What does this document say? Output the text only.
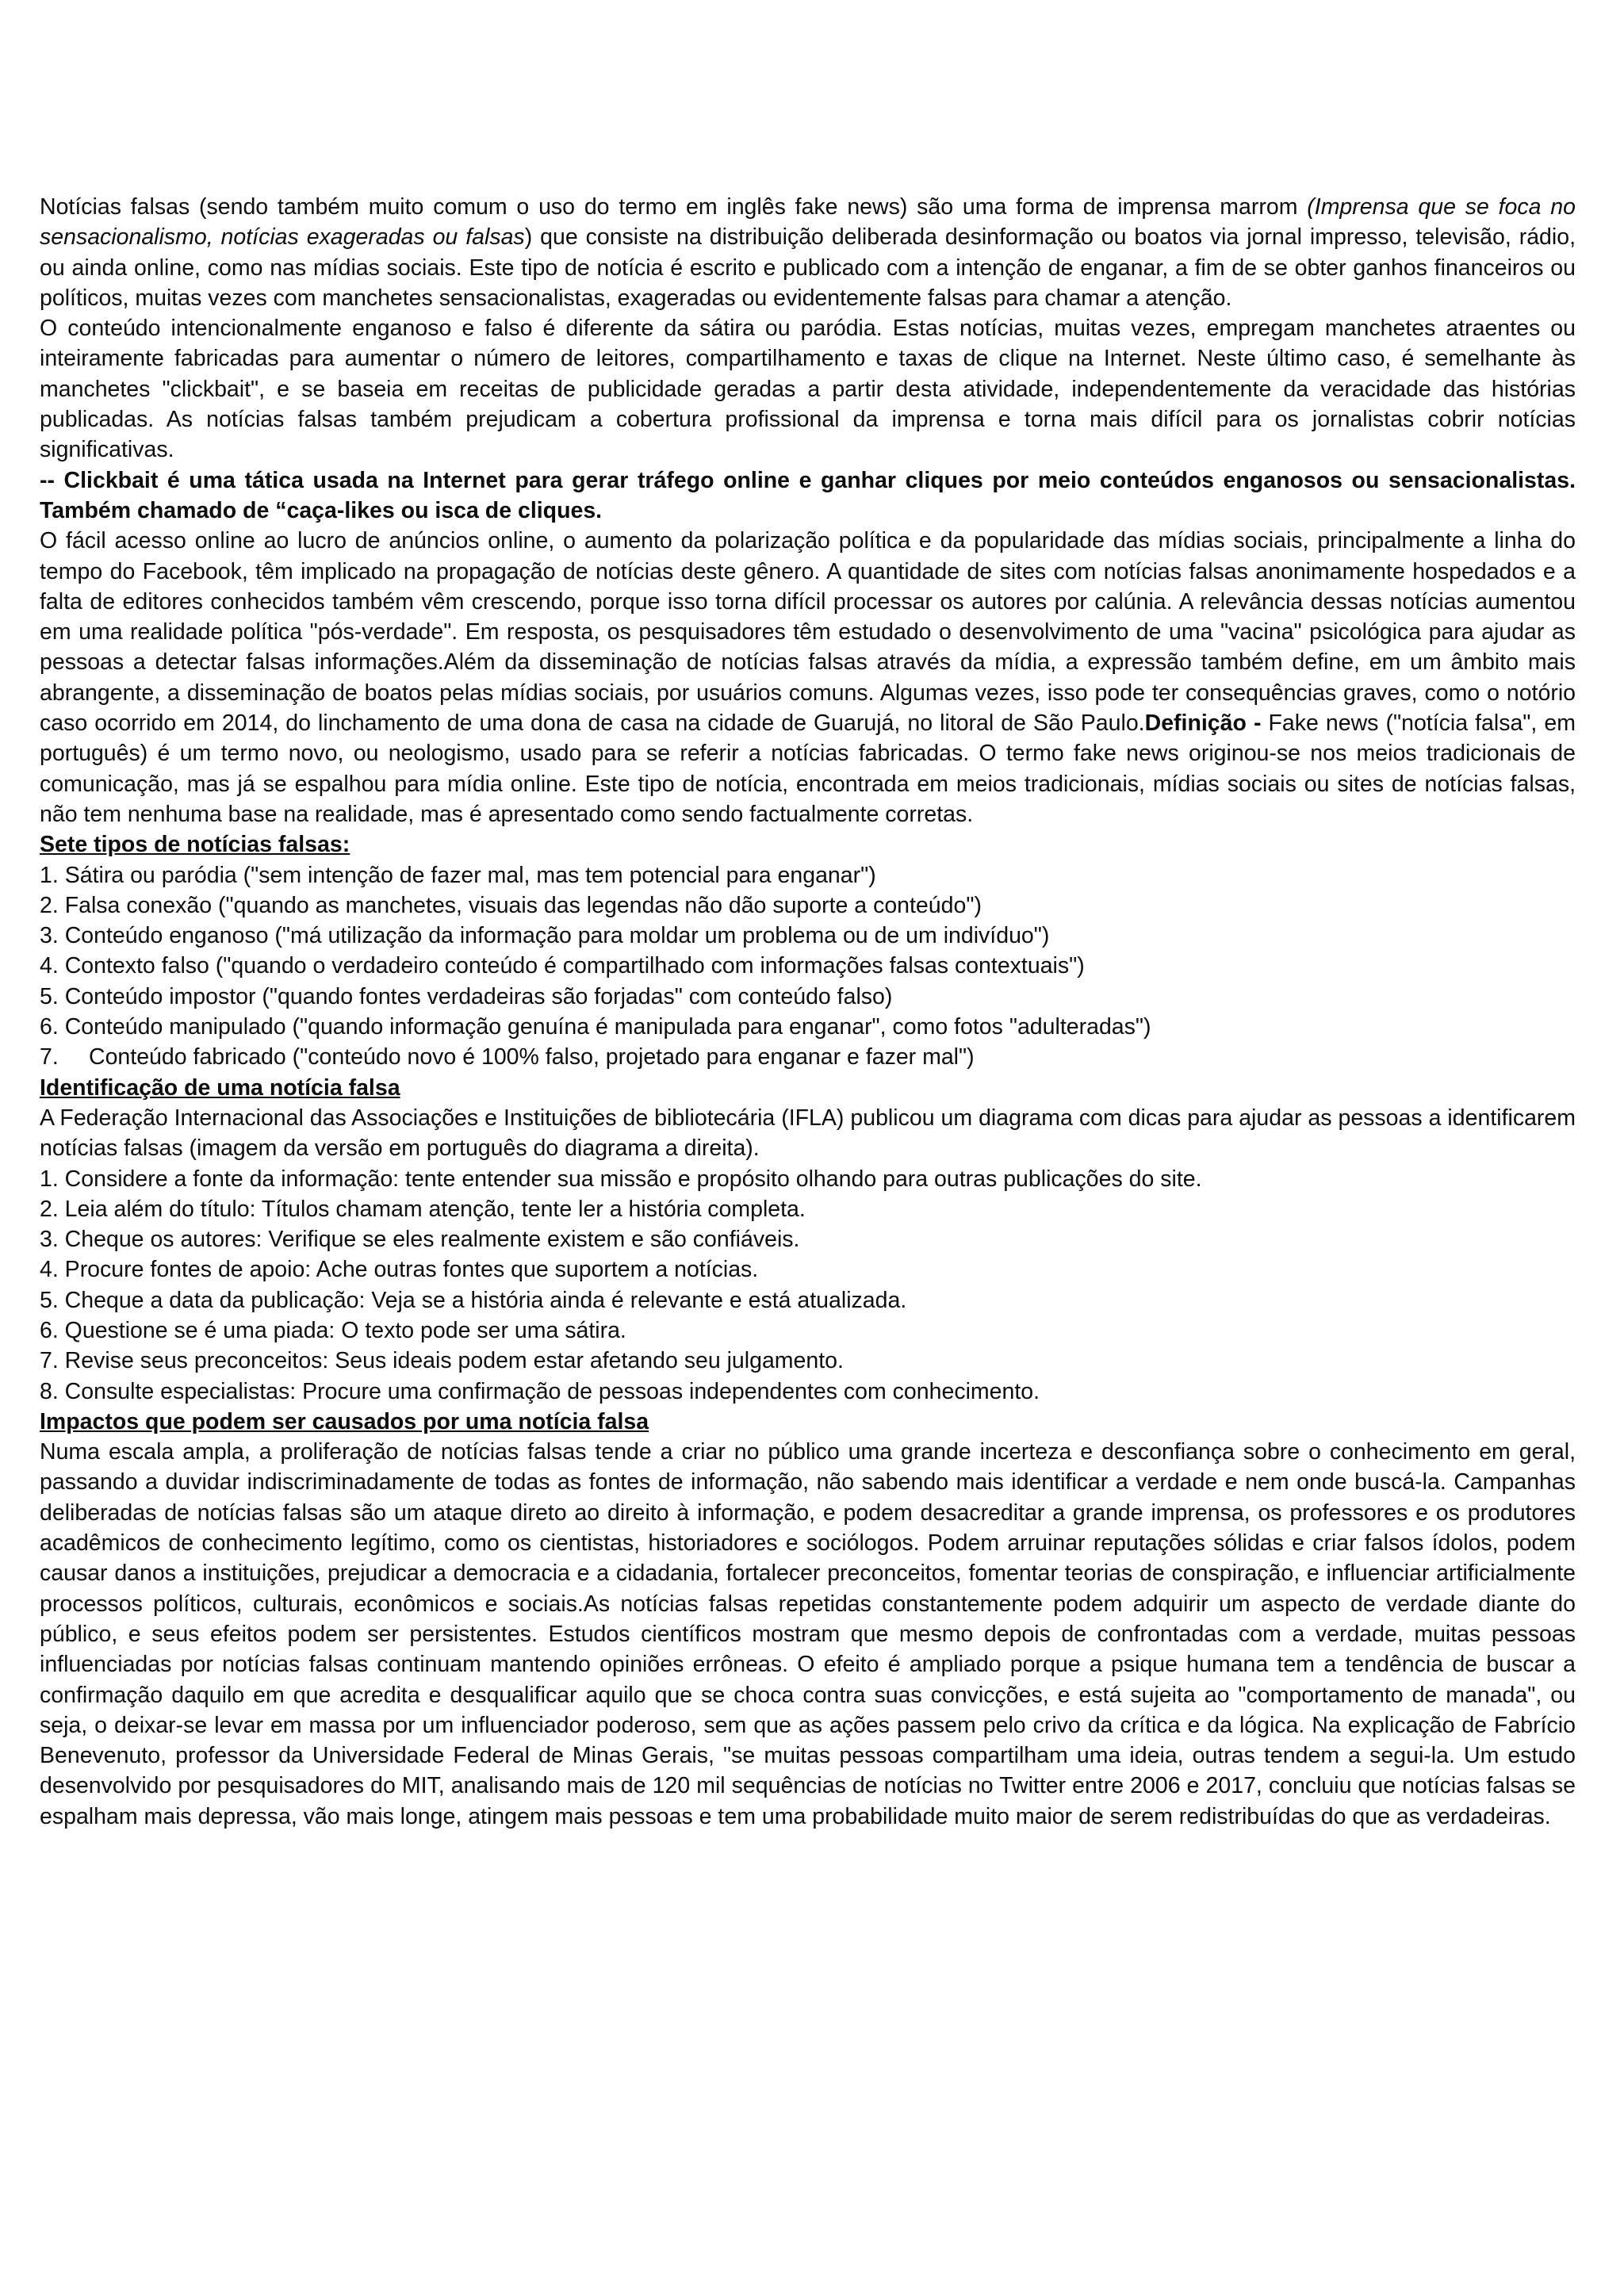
Notícias falsas (sendo também muito comum o uso do termo em inglês fake news) são uma forma de imprensa marrom (Imprensa que se foca no sensacionalismo, notícias exageradas ou falsas) que consiste na distribuição deliberada desinformação ou boatos via jornal impresso, televisão, rádio, ou ainda online, como nas mídias sociais. Este tipo de notícia é escrito e publicado com a intenção de enganar, a fim de se obter ganhos financeiros ou políticos, muitas vezes com manchetes sensacionalistas, exageradas ou evidentemente falsas para chamar a atenção.

O conteúdo intencionalmente enganoso e falso é diferente da sátira ou paródia. Estas notícias, muitas vezes, empregam manchetes atraentes ou inteiramente fabricadas para aumentar o número de leitores, compartilhamento e taxas de clique na Internet. Neste último caso, é semelhante às manchetes "clickbait", e se baseia em receitas de publicidade geradas a partir desta atividade, independentemente da veracidade das histórias publicadas. As notícias falsas também prejudicam a cobertura profissional da imprensa e torna mais difícil para os jornalistas cobrir notícias significativas.

-- Clickbait é uma tática usada na Internet para gerar tráfego online e ganhar cliques por meio conteúdos enganosos ou sensacionalistas. Também chamado de “caça-likes ou isca de cliques.

O fácil acesso online ao lucro de anúncios online, o aumento da polarização política e da popularidade das mídias sociais, principalmente a linha do tempo do Facebook, têm implicado na propagação de notícias deste gênero. A quantidade de sites com notícias falsas anonimamente hospedados e a falta de editores conhecidos também vêm crescendo, porque isso torna difícil processar os autores por calúnia. A relevância dessas notícias aumentou em uma realidade política "pós-verdade". Em resposta, os pesquisadores têm estudado o desenvolvimento de uma "vacina" psicológica para ajudar as pessoas a detectar falsas informações.Além da disseminação de notícias falsas através da mídia, a expressão também define, em um âmbito mais abrangente, a disseminação de boatos pelas mídias sociais, por usuários comuns. Algumas vezes, isso pode ter consequências graves, como o notório caso ocorrido em 2014, do linchamento de uma dona de casa na cidade de Guarujá, no litoral de São Paulo.Definição - Fake news ("notícia falsa", em português) é um termo novo, ou neologismo, usado para se referir a notícias fabricadas. O termo fake news originou-se nos meios tradicionais de comunicação, mas já se espalhou para mídia online. Este tipo de notícia, encontrada em meios tradicionais, mídias sociais ou sites de notícias falsas, não tem nenhuma base na realidade, mas é apresentado como sendo factualmente corretas.

Sete tipos de notícias falsas:

1. Sátira ou paródia ("sem intenção de fazer mal, mas tem potencial para enganar")
2. Falsa conexão ("quando as manchetes, visuais das legendas não dão suporte a conteúdo")
3. Conteúdo enganoso ("má utilização da informação para moldar um problema ou de um indivíduo")
4. Contexto falso ("quando o verdadeiro conteúdo é compartilhado com informações falsas contextuais")
5. Conteúdo impostor ("quando fontes verdadeiras são forjadas" com conteúdo falso)
6. Conteúdo manipulado ("quando informação genuína é manipulada para enganar", como fotos "adulteradas")
7. Conteúdo fabricado ("conteúdo novo é 100% falso, projetado para enganar e fazer mal")

Identificação de uma notícia falsa

A Federação Internacional das Associações e Instituições de bibliotecária (IFLA) publicou um diagrama com dicas para ajudar as pessoas a identificarem notícias falsas (imagem da versão em português do diagrama a direita).

1. Considere a fonte da informação: tente entender sua missão e propósito olhando para outras publicações do site.
2. Leia além do título: Títulos chamam atenção, tente ler a história completa.
3. Cheque os autores: Verifique se eles realmente existem e são confiáveis.
4. Procure fontes de apoio: Ache outras fontes que suportem a notícias.
5. Cheque a data da publicação: Veja se a história ainda é relevante e está atualizada.
6. Questione se é uma piada: O texto pode ser uma sátira.
7. Revise seus preconceitos: Seus ideais podem estar afetando seu julgamento.
8. Consulte especialistas: Procure uma confirmação de pessoas independentes com conhecimento.

Impactos que podem ser causados por uma notícia falsa

Numa escala ampla, a proliferação de notícias falsas tende a criar no público uma grande incerteza e desconfiança sobre o conhecimento em geral, passando a duvidar indiscriminadamente de todas as fontes de informação, não sabendo mais identificar a verdade e nem onde buscá-la. Campanhas deliberadas de notícias falsas são um ataque direto ao direito à informação, e podem desacreditar a grande imprensa, os professores e os produtores acadêmicos de conhecimento legítimo, como os cientistas, historiadores e sociólogos. Podem arruinar reputações sólidas e criar falsos ídolos, podem causar danos a instituições, prejudicar a democracia e a cidadania, fortalecer preconceitos, fomentar teorias de conspiração, e influenciar artificialmente processos políticos, culturais, econômicos e sociais.As notícias falsas repetidas constantemente podem adquirir um aspecto de verdade diante do público, e seus efeitos podem ser persistentes. Estudos científicos mostram que mesmo depois de confrontadas com a verdade, muitas pessoas influenciadas por notícias falsas continuam mantendo opiniões errôneas. O efeito é ampliado porque a psique humana tem a tendência de buscar a confirmação daquilo em que acredita e desqualificar aquilo que se choca contra suas convicções, e está sujeita ao "comportamento de manada", ou seja, o deixar-se levar em massa por um influenciador poderoso, sem que as ações passem pelo crivo da crítica e da lógica. Na explicação de Fabrício Benevenuto, professor da Universidade Federal de Minas Gerais, "se muitas pessoas compartilham uma ideia, outras tendem a segui-la. Um estudo desenvolvido por pesquisadores do MIT, analisando mais de 120 mil sequências de notícias no Twitter entre 2006 e 2017, concluiu que notícias falsas se espalham mais depressa, vão mais longe, atingem mais pessoas e tem uma probabilidade muito maior de serem redistribuídas do que as verdadeiras.
